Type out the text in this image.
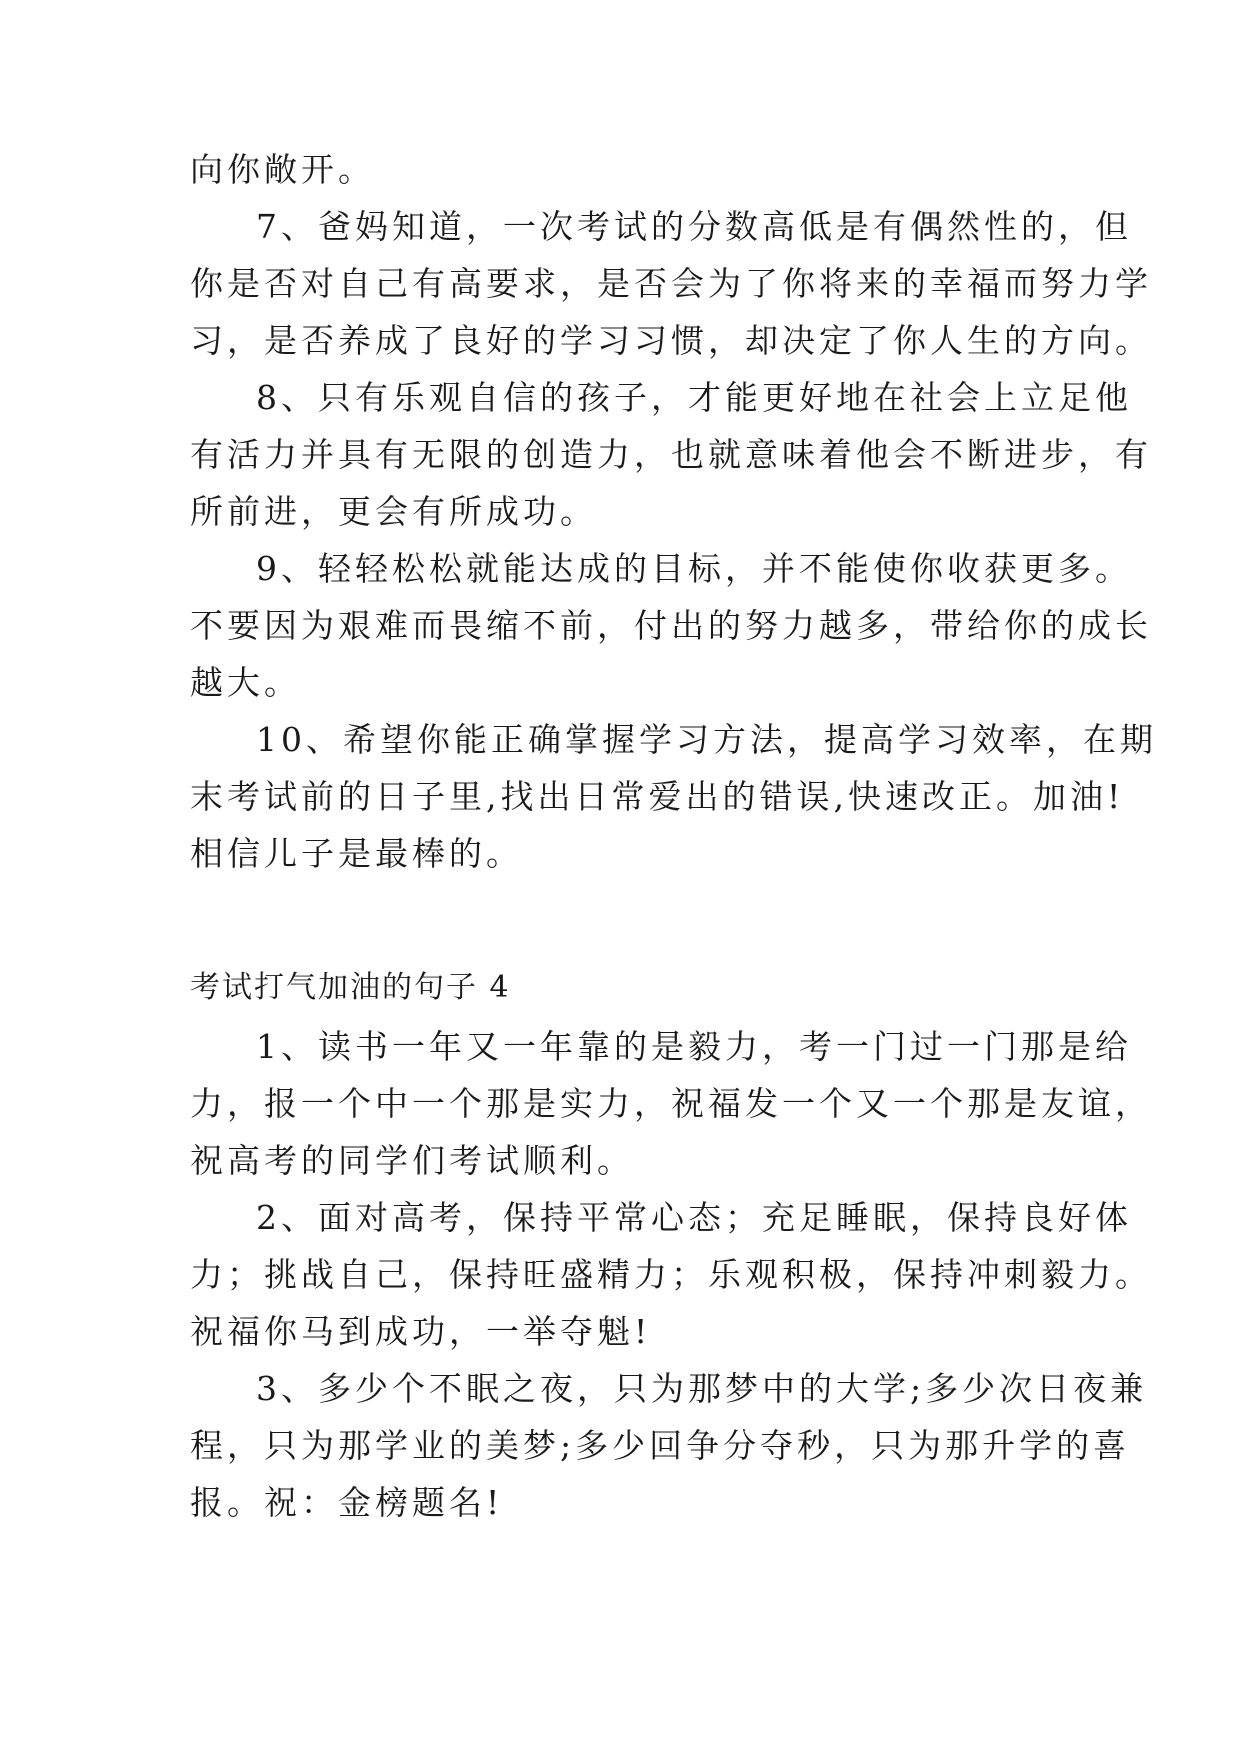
向你敞开。
7、爸妈知道，一次考试的分数高低是有偶然性的，但
你是否对自己有高要求，是否会为了你将来的幸福而努力学
习，是否养成了良好的学习习惯，却决定了你人生的方向。
8、只有乐观自信的孩子，才能更好地在社会上立足他
有活力并具有无限的创造力，也就意味着他会不断进步，有
所前进，更会有所成功。
9、轻轻松松就能达成的目标，并不能使你收获更多。
不要因为艰难而畏缩不前，付出的努力越多，带给你的成长
越大。
10、希望你能正确掌握学习方法，提高学习效率，在期
末考试前的日子里,找出日常爱出的错误,快速改正。加油!
相信儿子是最棒的。
考试打气加油的句子 4
1、读书一年又一年靠的是毅力，考一门过一门那是给
力，报一个中一个那是实力，祝福发一个又一个那是友谊，
祝高考的同学们考试顺利。
2、面对高考，保持平常心态；充足睡眠，保持良好体
力；挑战自己，保持旺盛精力；乐观积极，保持冲刺毅力。
祝福你马到成功，一举夺魁!
3、多少个不眠之夜，只为那梦中的大学;多少次日夜兼
程，只为那学业的美梦;多少回争分夺秒，只为那升学的喜
报。祝：金榜题名!
